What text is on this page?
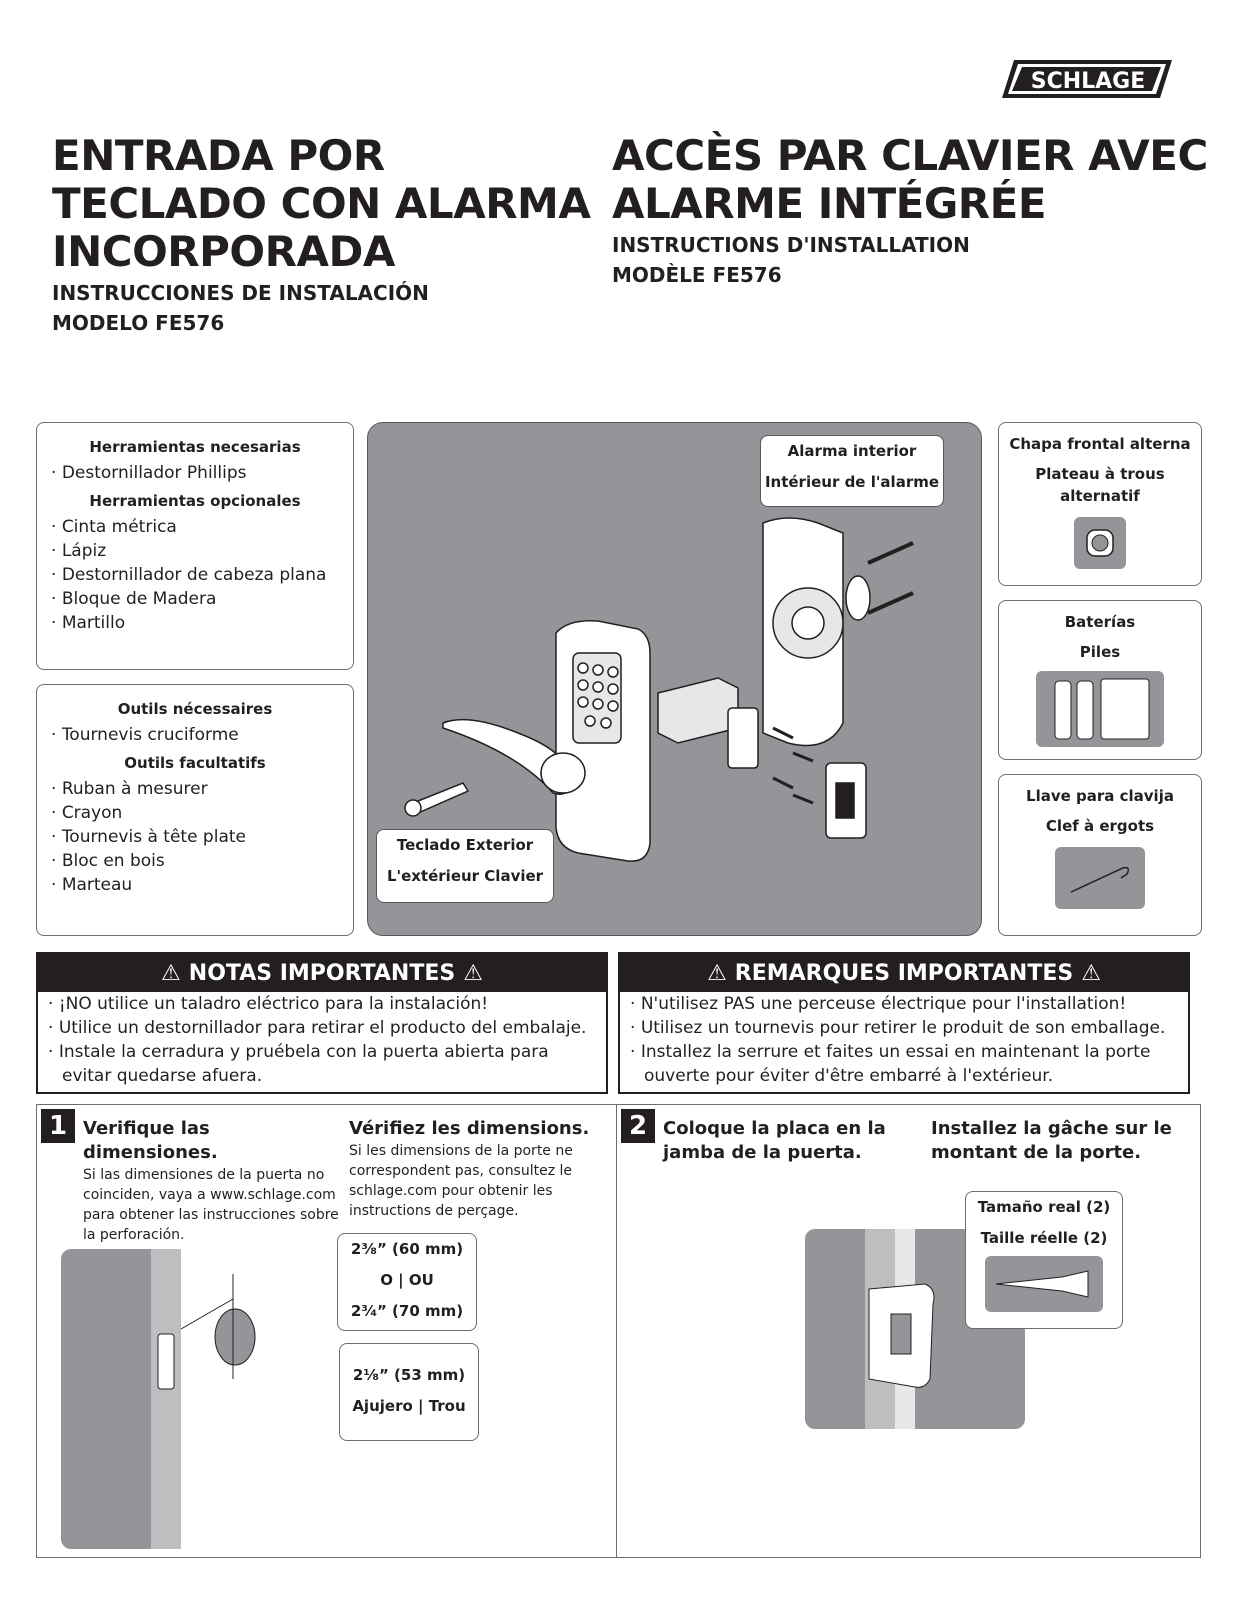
SCHLAGE
ENTRADA POR
TECLADO CON ALARMA
INCORPORADA
INSTRUCCIONES DE INSTALACIÓN
MODELO FE576
ACCÈS PAR CLAVIER AVEC
ALARME INTÉGRÉE
INSTRUCTIONS D'INSTALLATION
MODÈLE FE576
Herramientas necesarias
· Destornillador Phillips
Herramientas opcionales
· Cinta métrica
· Lápiz
· Destornillador de cabeza plana
· Bloque de Madera
· Martillo
Outils nécessaires
· Tournevis cruciforme
Outils facultatifs
· Ruban à mesurer
· Crayon
· Tournevis à tête plate
· Bloc en bois
· Marteau
Alarma interior
Intérieur de l'alarme
Teclado Exterior
L'extérieur Clavier
Chapa frontal alterna
Plateau à trous
alternatif
Baterías
Piles
Llave para clavija
Clef à ergots
⚠ NOTAS IMPORTANTES ⚠
· ¡NO utilice un taladro eléctrico para la instalación!
· Utilice un destornillador para retirar el producto del embalaje.
· Instale la cerradura y pruébela con la puerta abierta para evitar quedarse afuera.
⚠ REMARQUES IMPORTANTES ⚠
· N'utilisez PAS une perceuse électrique pour l'installation!
· Utilisez un tournevis pour retirer le produit de son emballage.
· Installez la serrure et faites un essai en maintenant la porte ouverte pour éviter d'être embarré à l'extérieur.
1 Verifique las dimensiones.
Si las dimensiones de la puerta no coinciden, vaya a www.schlage.com para obtener las instrucciones sobre la perforación.
Vérifiez les dimensions.
Si les dimensions de la porte ne correspondent pas, consultez le schlage.com pour obtenir les instructions de perçage.
2³⁄₈” (60 mm)
O | OU
2³⁄₄” (70 mm)
2¹⁄₈” (53 mm)
Ajujero | Trou
2 Coloque la placa en la jamba de la puerta.
Installez la gâche sur le montant de la porte.
Tamaño real (2)
Taille réelle (2)
